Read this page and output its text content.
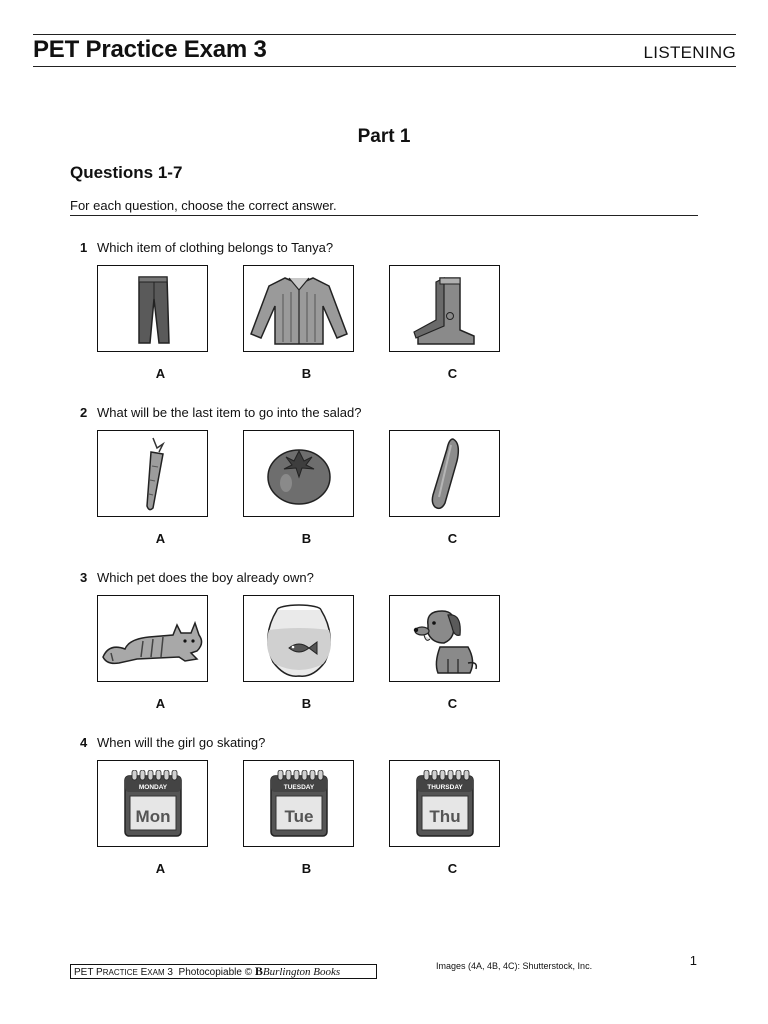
PET Practice Exam 3	LISTENING
Part 1
Questions 1-7
For each question, choose the correct answer.
1 Which item of clothing belongs to Tanya?
A	B	C
2 What will be the last item to go into the salad?
A	B	C
3 Which pet does the boy already own?
A	B	C
4 When will the girl go skating?
MONDAY
Mon
A
TUESDAY
Tue
B
THURSDAY
Thu
C
1
PET PRACTICE EXAM 3 Photocopiable © BBurlington Books	Images (4A, 4B, 4C): Shutterstock, Inc.
